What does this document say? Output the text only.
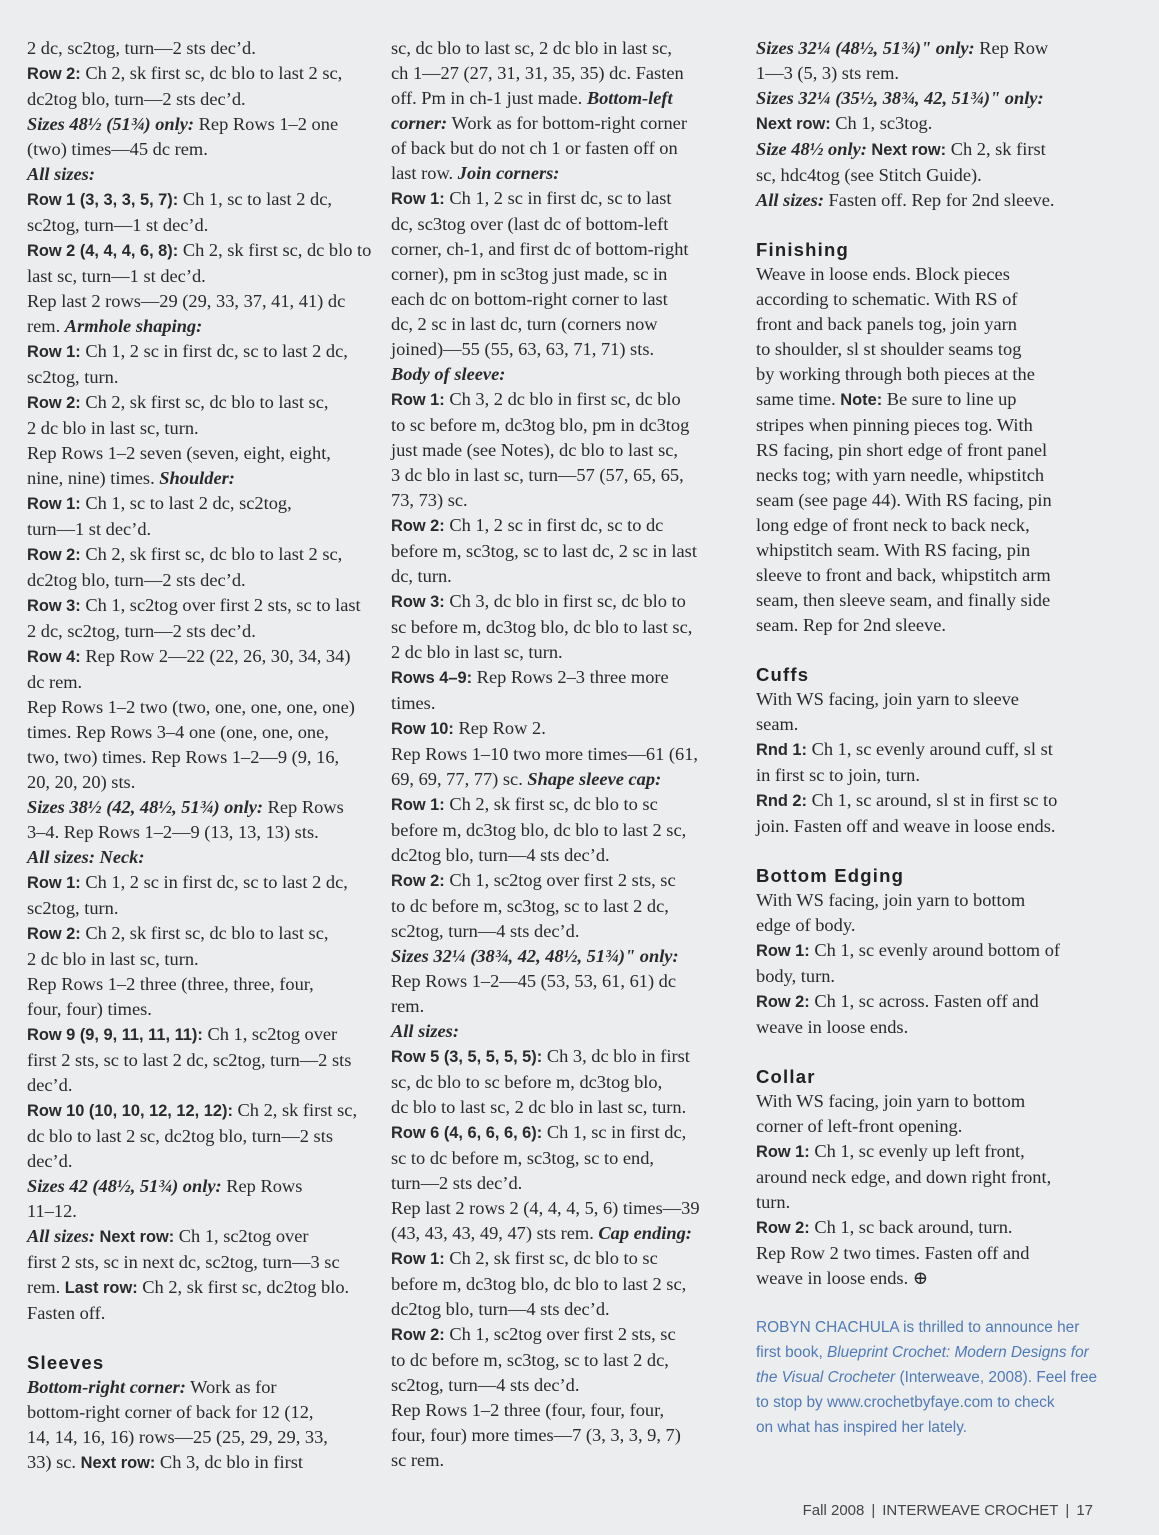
2 dc, sc2tog, turn—2 sts dec’d.

Row 2: Ch 2, sk first sc, dc blo to last 2 sc,

dc2tog blo, turn—2 sts dec’d.

Sizes 48½ (51¾) only: Rep Rows 1–2 one

(two) times—45 dc rem.

All sizes:

Row 1 (3, 3, 3, 5, 7): Ch 1, sc to last 2 dc,

sc2tog, turn—1 st dec’d.

Row 2 (4, 4, 4, 6, 8): Ch 2, sk first sc, dc blo to

last sc, turn—1 st dec’d.

Rep last 2 rows—29 (29, 33, 37, 41, 41) dc

rem. Armhole shaping:

Row 1: Ch 1, 2 sc in first dc, sc to last 2 dc,

sc2tog, turn.

Row 2: Ch 2, sk first sc, dc blo to last sc,

2 dc blo in last sc, turn.

Rep Rows 1–2 seven (seven, eight, eight,

nine, nine) times. Shoulder:

Row 1: Ch 1, sc to last 2 dc, sc2tog,

turn—1 st dec’d.

Row 2: Ch 2, sk first sc, dc blo to last 2 sc,

dc2tog blo, turn—2 sts dec’d.

Row 3: Ch 1, sc2tog over first 2 sts, sc to last

2 dc, sc2tog, turn—2 sts dec’d.

Row 4: Rep Row 2—22 (22, 26, 30, 34, 34)

dc rem.

Rep Rows 1–2 two (two, one, one, one, one)

times. Rep Rows 3–4 one (one, one, one,

two, two) times. Rep Rows 1–2—9 (9, 16,

20, 20, 20) sts.

Sizes 38½ (42, 48½, 51¾) only: Rep Rows

3–4. Rep Rows 1–2—9 (13, 13, 13) sts.

All sizes: Neck:

Row 1: Ch 1, 2 sc in first dc, sc to last 2 dc,

sc2tog, turn.

Row 2: Ch 2, sk first sc, dc blo to last sc,

2 dc blo in last sc, turn.

Rep Rows 1–2 three (three, three, four,

four, four) times.

Row 9 (9, 9, 11, 11, 11): Ch 1, sc2tog over

first 2 sts, sc to last 2 dc, sc2tog, turn—2 sts

dec’d.

Row 10 (10, 10, 12, 12, 12): Ch 2, sk first sc,

dc blo to last 2 sc, dc2tog blo, turn—2 sts

dec’d.

Sizes 42 (48½, 51¾) only: Rep Rows

11–12.

All sizes: Next row: Ch 1, sc2tog over

first 2 sts, sc in next dc, sc2tog, turn—3 sc

rem. Last row: Ch 2, sk first sc, dc2tog blo.

Fasten off.

Sleeves

Bottom-right corner: Work as for

bottom-right corner of back for 12 (12,

14, 14, 16, 16) rows—25 (25, 29, 29, 33,

33) sc. Next row: Ch 3, dc blo in first

sc, dc blo to last sc, 2 dc blo in last sc,

ch 1—27 (27, 31, 31, 35, 35) dc. Fasten

off. Pm in ch-1 just made. Bottom-left

corner: Work as for bottom-right corner

of back but do not ch 1 or fasten off on

last row. Join corners:

Row 1: Ch 1, 2 sc in first dc, sc to last

dc, sc3tog over (last dc of bottom-left

corner, ch-1, and first dc of bottom-right

corner), pm in sc3tog just made, sc in

each dc on bottom-right corner to last

dc, 2 sc in last dc, turn (corners now

joined)—55 (55, 63, 63, 71, 71) sts.

Body of sleeve:

Row 1: Ch 3, 2 dc blo in first sc, dc blo

to sc before m, dc3tog blo, pm in dc3tog

just made (see Notes), dc blo to last sc,

3 dc blo in last sc, turn—57 (57, 65, 65,

73, 73) sc.

Row 2: Ch 1, 2 sc in first dc, sc to dc

before m, sc3tog, sc to last dc, 2 sc in last

dc, turn.

Row 3: Ch 3, dc blo in first sc, dc blo to

sc before m, dc3tog blo, dc blo to last sc,

2 dc blo in last sc, turn.

Rows 4–9: Rep Rows 2–3 three more

times.

Row 10: Rep Row 2.

Rep Rows 1–10 two more times—61 (61,

69, 69, 77, 77) sc. Shape sleeve cap:

Row 1: Ch 2, sk first sc, dc blo to sc

before m, dc3tog blo, dc blo to last 2 sc,

dc2tog blo, turn—4 sts dec’d.

Row 2: Ch 1, sc2tog over first 2 sts, sc

to dc before m, sc3tog, sc to last 2 dc,

sc2tog, turn—4 sts dec’d.

Sizes 32¼ (38¾, 42, 48½, 51¾)" only:

Rep Rows 1–2—45 (53, 53, 61, 61) dc

rem.

All sizes:

Row 5 (3, 5, 5, 5, 5): Ch 3, dc blo in first

sc, dc blo to sc before m, dc3tog blo,

dc blo to last sc, 2 dc blo in last sc, turn.

Row 6 (4, 6, 6, 6, 6): Ch 1, sc in first dc,

sc to dc before m, sc3tog, sc to end,

turn—2 sts dec’d.

Rep last 2 rows 2 (4, 4, 4, 5, 6) times—39

(43, 43, 43, 49, 47) sts rem. Cap ending:

Row 1: Ch 2, sk first sc, dc blo to sc

before m, dc3tog blo, dc blo to last 2 sc,

dc2tog blo, turn—4 sts dec’d.

Row 2: Ch 1, sc2tog over first 2 sts, sc

to dc before m, sc3tog, sc to last 2 dc,

sc2tog, turn—4 sts dec’d.

Rep Rows 1–2 three (four, four, four,

four, four) more times—7 (3, 3, 3, 9, 7)

sc rem.

Sizes 32¼ (48½, 51¾)" only: Rep Row

1—3 (5, 3) sts rem.

Sizes 32¼ (35½, 38¾, 42, 51¾)" only:

Next row: Ch 1, sc3tog.

Size 48½ only: Next row: Ch 2, sk first

sc, hdc4tog (see Stitch Guide).

All sizes: Fasten off. Rep for 2nd sleeve.

Finishing

Weave in loose ends. Block pieces

according to schematic. With RS of

front and back panels tog, join yarn

to shoulder, sl st shoulder seams tog

by working through both pieces at the

same time. Note: Be sure to line up

stripes when pinning pieces tog. With

RS facing, pin short edge of front panel

necks tog; with yarn needle, whipstitch

seam (see page 44). With RS facing, pin

long edge of front neck to back neck,

whipstitch seam. With RS facing, pin

sleeve to front and back, whipstitch arm

seam, then sleeve seam, and finally side

seam. Rep for 2nd sleeve.

Cuffs

With WS facing, join yarn to sleeve

seam.

Rnd 1: Ch 1, sc evenly around cuff, sl st

in first sc to join, turn.

Rnd 2: Ch 1, sc around, sl st in first sc to

join. Fasten off and weave in loose ends.

Bottom Edging

With WS facing, join yarn to bottom

edge of body.

Row 1: Ch 1, sc evenly around bottom of

body, turn.

Row 2: Ch 1, sc across. Fasten off and

weave in loose ends.

Collar

With WS facing, join yarn to bottom

corner of left-front opening.

Row 1: Ch 1, sc evenly up left front,

around neck edge, and down right front,

turn.

Row 2: Ch 1, sc back around, turn.

Rep Row 2 two times. Fasten off and

weave in loose ends. ⊕

ROBYN CHACHULA is thrilled to announce her

first book, Blueprint Crochet: Modern Designs for

the Visual Crocheter (Interweave, 2008). Feel free

to stop by www.crochetbyfaye.com to check

on what has inspired her lately.

Fall 2008 | INTERWEAVE CROCHET | 17
